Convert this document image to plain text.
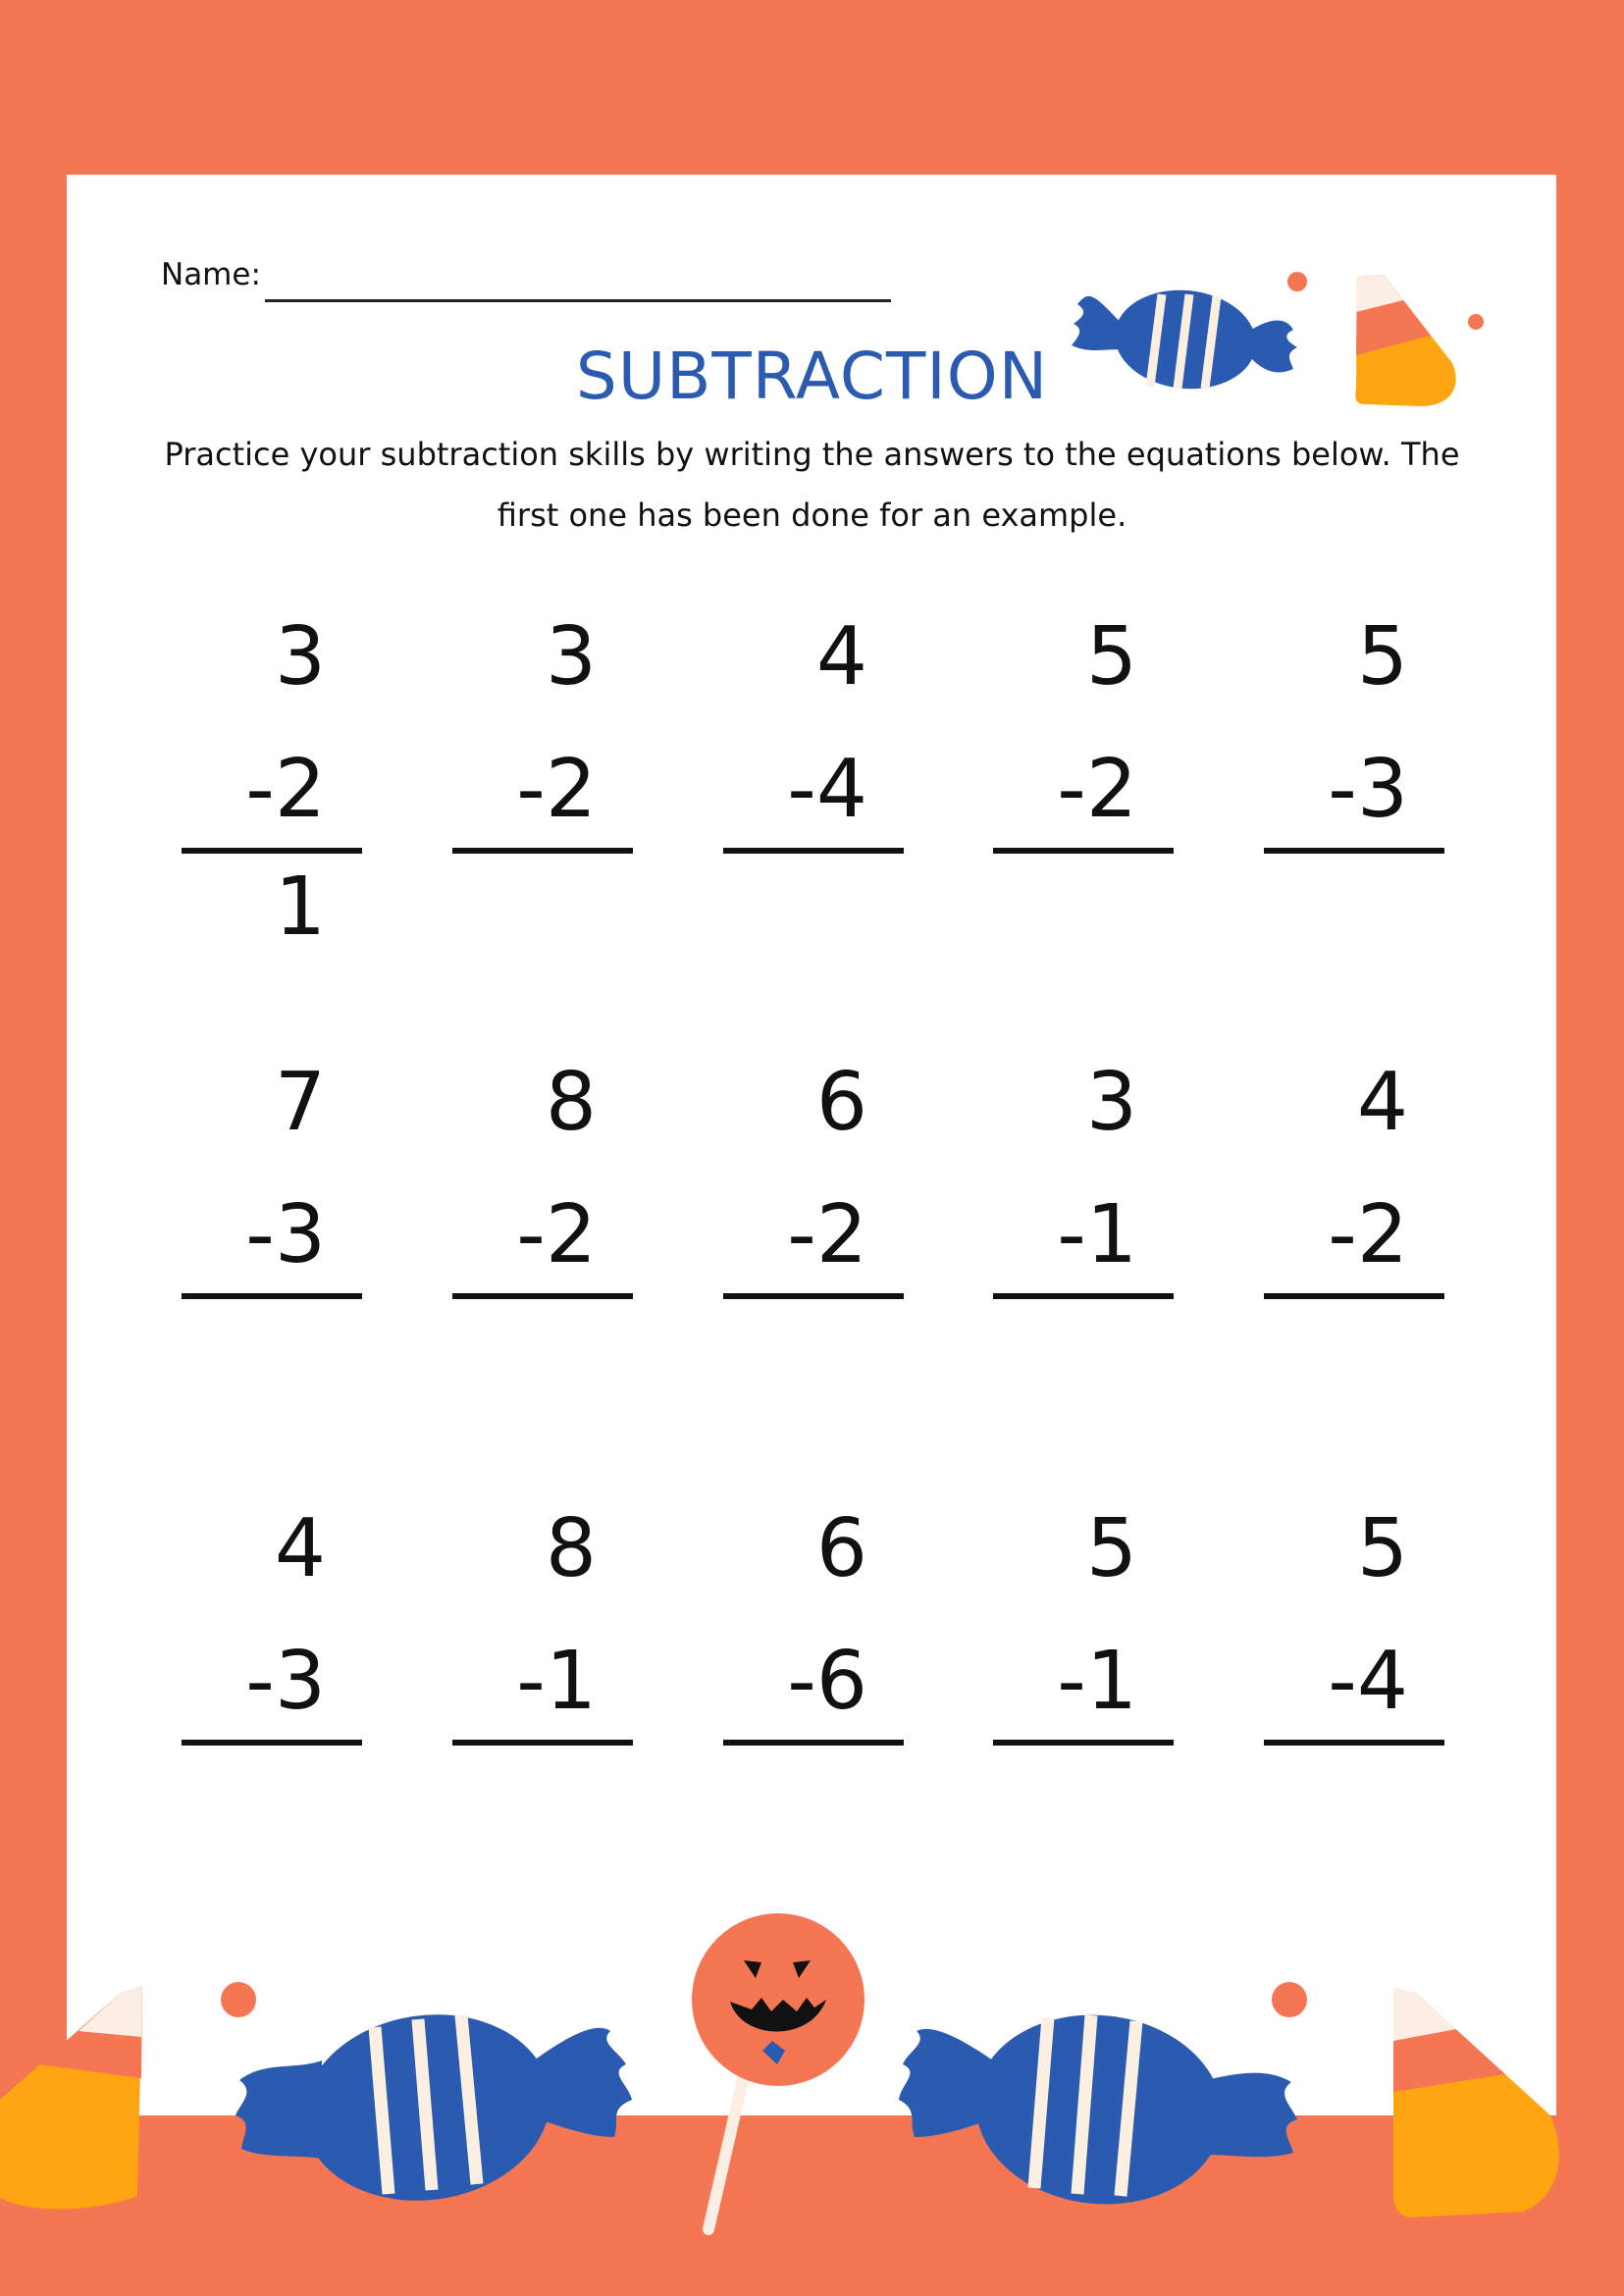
Name:
SUBTRACTION
Practice your subtraction skills by writing the answers to the equations below. The first one has been done for an example.
3
-2
1
3
-2
4
-4
5
-2
5
-3
7
-3
8
-2
6
-2
3
-1
4
-2
4
-3
8
-1
6
-6
5
-1
5
-4
